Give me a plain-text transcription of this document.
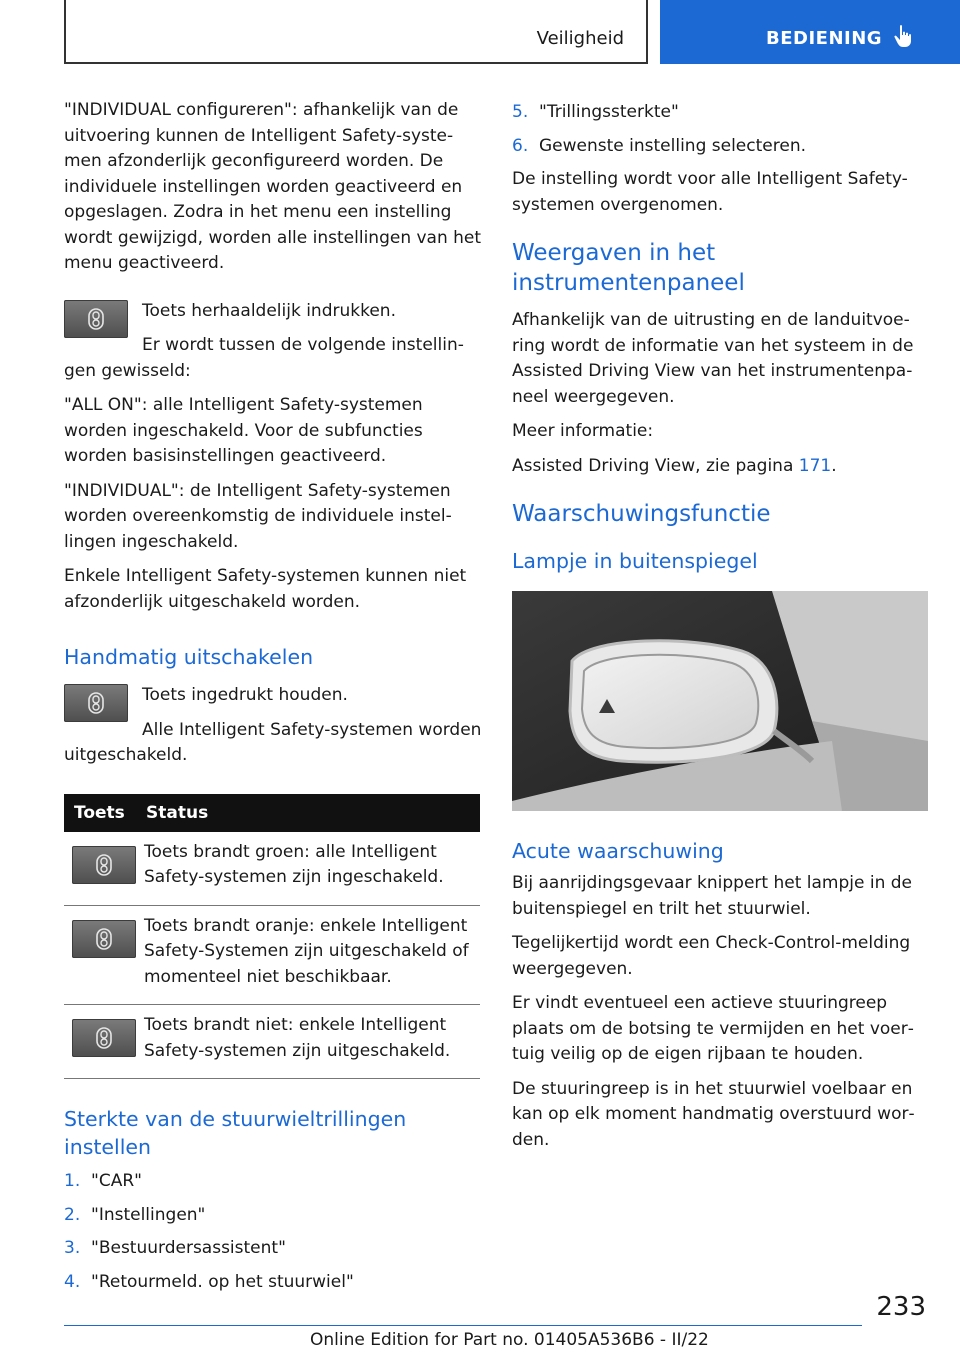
Veiligheid	BEDIENING

"INDIVIDUAL configureren": afhankelijk van de uitvoering kunnen de Intelligent Safety-systemen afzonderlijk geconfigureerd worden. De individuele instellingen worden geactiveerd en opgeslagen. Zodra in het menu een instelling wordt gewijzigd, worden alle instellingen van het menu geactiveerd.

Toets herhaaldelijk indrukken.

Er wordt tussen de volgende instellingen gewisseld:

"ALL ON": alle Intelligent Safety-systemen worden ingeschakeld. Voor de subfuncties worden basisinstellingen geactiveerd.

"INDIVIDUAL": de Intelligent Safety-systemen worden overeenkomstig de individuele instellingen ingeschakeld.

Enkele Intelligent Safety-systemen kunnen niet afzonderlijk uitgeschakeld worden.

Handmatig uitschakelen

Toets ingedrukt houden.

Alle Intelligent Safety-systemen worden uitgeschakeld.

Toets	Status

	Toets brandt groen: alle Intelligent Safety-systemen zijn ingeschakeld.

	Toets brandt oranje: enkele Intelligent Safety-Systemen zijn uitgeschakeld of momenteel niet beschikbaar.

	Toets brandt niet: enkele Intelligent Safety-systemen zijn uitgeschakeld.
Sterkte van de stuurwieltrillingen instellen
1. "CAR"
2. "Instellingen"
3. "Bestuurdersassistent"
4. "Retourmeld. op het stuurwiel"
5. "Trillingssterkte"
6. Gewenste instelling selecteren.

De instelling wordt voor alle Intelligent Safety-systemen overgenomen.

Weergaven in het instrumentenpaneel

Afhankelijk van de uitrusting en de landuitvoering wordt de informatie van het systeem in de Assisted Driving View van het instrumentenpaneel weergegeven.

Meer informatie:

Assisted Driving View, zie pagina 171.

Waarschuwingsfunctie
Lampje in buitenspiegel
Acute waarschuwing

Bij aanrijdingsgevaar knippert het lampje in de buitenspiegel en trilt het stuurwiel.

Tegelijkertijd wordt een Check-Control-melding weergegeven.

Er vindt eventueel een actieve stuuringreep plaats om de botsing te vermijden en het voertuig veilig op de eigen rijbaan te houden.

De stuuringreep is in het stuurwiel voelbaar en kan op elk moment handmatig overstuurd worden.

233
Online Edition for Part no. 01405A536B6 - II/22
